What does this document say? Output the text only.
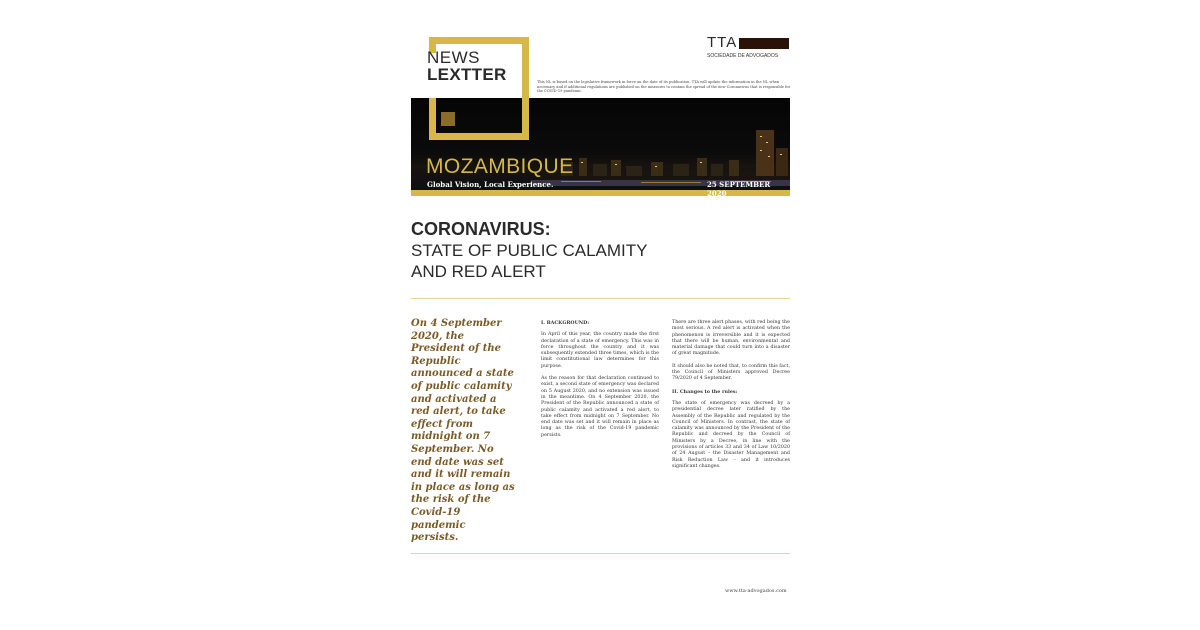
NEWS
LEXTTER
TTA
SOCIEDADE DE ADVOGADOS
This NL is based on the legislative framework in force on the date of its publication. TTA will update the information in the NL when necessary and if additional regulations are published on the measures to contain the spread of the new Coronavirus that is responsible for the COVID-19 pandemic.
MOZAMBIQUE
Global Vision, Local Experience.	25 SEPTEMBER 2020
CORONAVIRUS:
STATE OF PUBLIC CALAMITY
AND RED ALERT
On 4 September 2020, the President of the Republic announced a state of public calamity and activated a red alert, to take effect from midnight on 7 September. No end date was set and it will remain in place as long as the risk of the Covid-19 pandemic persists.

I. BACKGROUND:

In April of this year, the country made the first declaration of a state of emergency. This was in force throughout the country and it was subsequently extended three times, which is the limit constitutional law determines for this purpose.

As the reason for that declaration continued to exist, a second state of emergency was declared on 5 August 2020, and no extension was issued in the meantime. On 4 September 2020, the President of the Republic announced a state of public calamity and activated a red alert, to take effect from midnight on 7 September. No end date was set and it will remain in place as long as the risk of the Covid-19 pandemic persists.

There are three alert phases, with red being the most serious. A red alert is activated when the phenomenon is irreversible and it is expected that there will be human, environmental and material damage that could turn into a disaster of great magnitude.

It should also be noted that, to confirm this fact, the Council of Ministers approved Decree 79/2020 of 4 September.

II. Changes to the rules:

The state of emergency was decreed by a presidential decree later ratified by the Assembly of the Republic and regulated by the Council of Ministers. In contrast, the state of calamity was announced by the President of the Republic and decreed by the Council of Ministers by a Decree, in line with the provisions of articles 33 and 34 of Law 10/2020 of 24 August – the Disaster Management and Risk Reduction Law – and it introduces significant changes.

www.tta-advogados.com
